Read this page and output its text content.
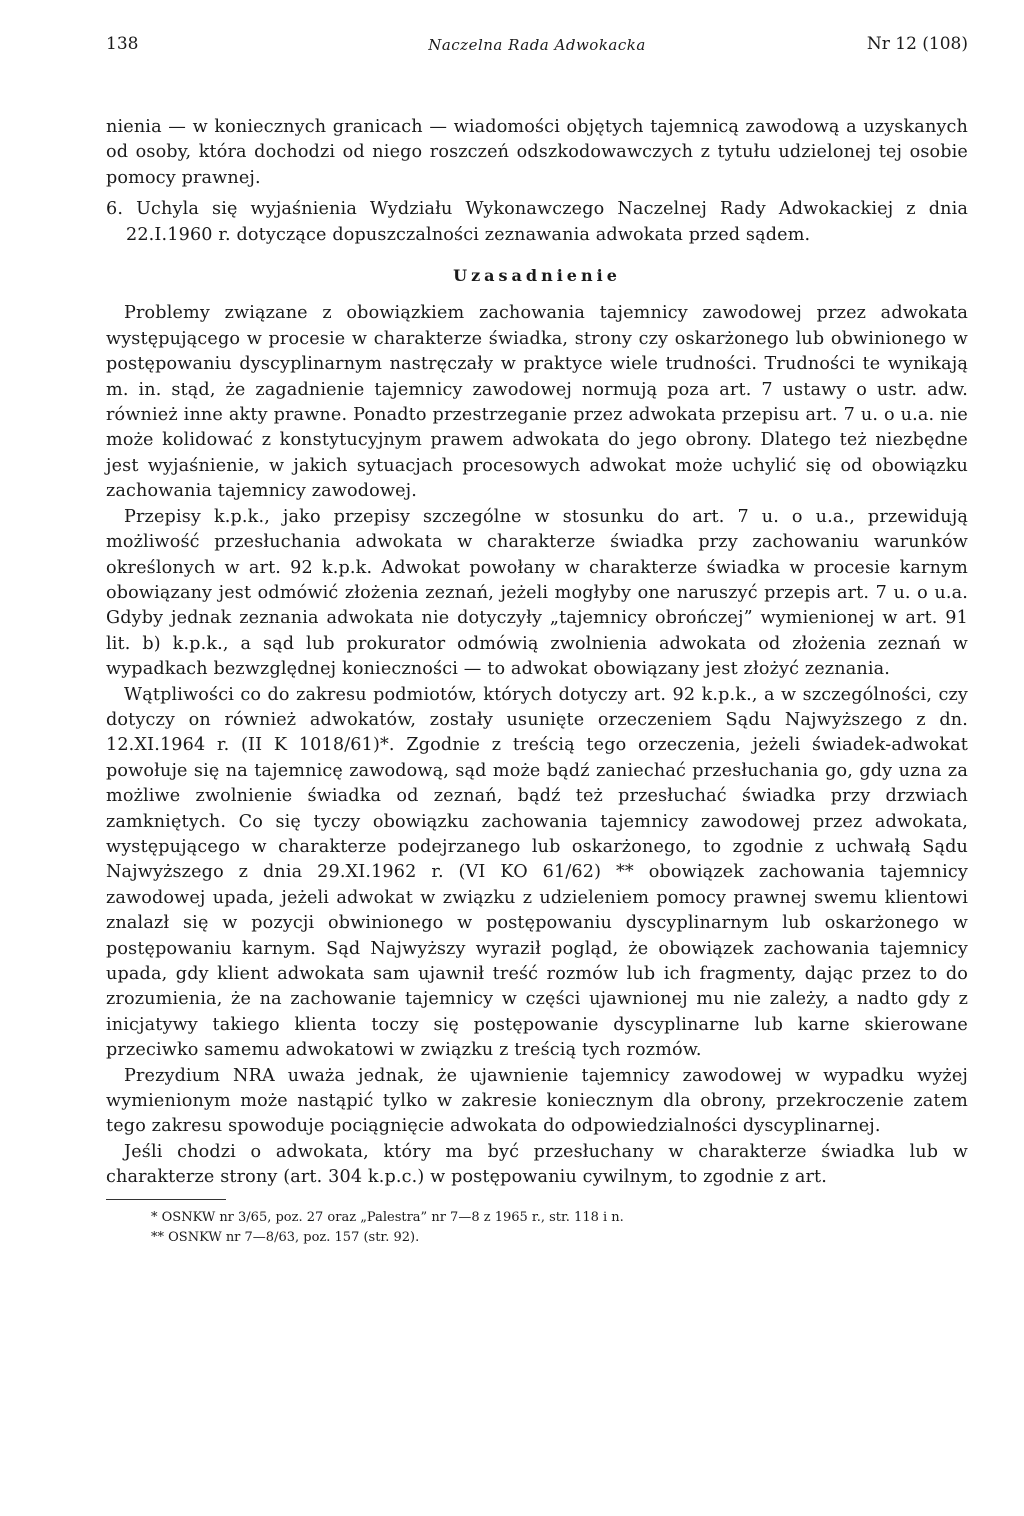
138	Naczelna Rada Adwokacka	Nr 12 (108)

nienia — w koniecznych granicach — wiadomości objętych tajemnicą zawodową a uzyskanych od osoby, która dochodzi od niego roszczeń odszkodowawczych z tytułu udzielonej tej osobie pomocy prawnej.

6. Uchyla się wyjaśnienia Wydziału Wykonawczego Naczelnej Rady Adwokackiej z dnia 22.I.1960 r. dotyczące dopuszczalności zeznawania adwokata przed sądem.

Uzasadnienie

Problemy związane z obowiązkiem zachowania tajemnicy zawodowej przez adwokata występującego w procesie w charakterze świadka, strony czy oskarżonego lub obwinionego w postępowaniu dyscyplinarnym nastręczały w praktyce wiele trudności. Trudności te wynikają m. in. stąd, że zagadnienie tajemnicy zawodowej normują poza art. 7 ustawy o ustr. adw. również inne akty prawne. Ponadto przestrzeganie przez adwokata przepisu art. 7 u. o u.a. nie może kolidować z konstytucyjnym prawem adwokata do jego obrony. Dlatego też niezbędne jest wyjaśnienie, w jakich sytuacjach procesowych adwokat może uchylić się od obowiązku zachowania tajemnicy zawodowej.

Przepisy k.p.k., jako przepisy szczególne w stosunku do art. 7 u. o u.a., przewidują możliwość przesłuchania adwokata w charakterze świadka przy zachowaniu warunków określonych w art. 92 k.p.k. Adwokat powołany w charakterze świadka w procesie karnym obowiązany jest odmówić złożenia zeznań, jeżeli mogłyby one naruszyć przepis art. 7 u. o u.a. Gdyby jednak zeznania adwokata nie dotyczyły „tajemnicy obrończej” wymienionej w art. 91 lit. b) k.p.k., a sąd lub prokurator odmówią zwolnienia adwokata od złożenia zeznań w wypadkach bezwzględnej konieczności — to adwokat obowiązany jest złożyć zeznania.

Wątpliwości co do zakresu podmiotów, których dotyczy art. 92 k.p.k., a w szczególności, czy dotyczy on również adwokatów, zostały usunięte orzeczeniem Sądu Najwyższego z dn. 12.XI.1964 r. (II K 1018/61)*. Zgodnie z treścią tego orzeczenia, jeżeli świadek-adwokat powołuje się na tajemnicę zawodową, sąd może bądź zaniechać przesłuchania go, gdy uzna za możliwe zwolnienie świadka od zeznań, bądź też przesłuchać świadka przy drzwiach zamkniętych. Co się tyczy obowiązku zachowania tajemnicy zawodowej przez adwokata, występującego w charakterze podejrzanego lub oskarżonego, to zgodnie z uchwałą Sądu Najwyższego z dnia 29.XI.1962 r. (VI KO 61/62) ** obowiązek zachowania tajemnicy zawodowej upada, jeżeli adwokat w związku z udzieleniem pomocy prawnej swemu klientowi znalazł się w pozycji obwinionego w postępowaniu dyscyplinarnym lub oskarżonego w postępowaniu karnym. Sąd Najwyższy wyraził pogląd, że obowiązek zachowania tajemnicy upada, gdy klient adwokata sam ujawnił treść rozmów lub ich fragmenty, dając przez to do zrozumienia, że na zachowanie tajemnicy w części ujawnionej mu nie zależy, a nadto gdy z inicjatywy takiego klienta toczy się postępowanie dyscyplinarne lub karne skierowane przeciwko samemu adwokatowi w związku z treścią tych rozmów.

Prezydium NRA uważa jednak, że ujawnienie tajemnicy zawodowej w wypadku wyżej wymienionym może nastąpić tylko w zakresie koniecznym dla obrony, przekroczenie zatem tego zakresu spowoduje pociągnięcie adwokata do odpowiedzialności dyscyplinarnej.

Jeśli chodzi o adwokata, który ma być przesłuchany w charakterze świadka lub w charakterze strony (art. 304 k.p.c.) w postępowaniu cywilnym, to zgodnie z art.

* OSNKW nr 3/65, poz. 27 oraz „Palestra” nr 7—8 z 1965 r., str. 118 i n.

** OSNKW nr 7—8/63, poz. 157 (str. 92).
